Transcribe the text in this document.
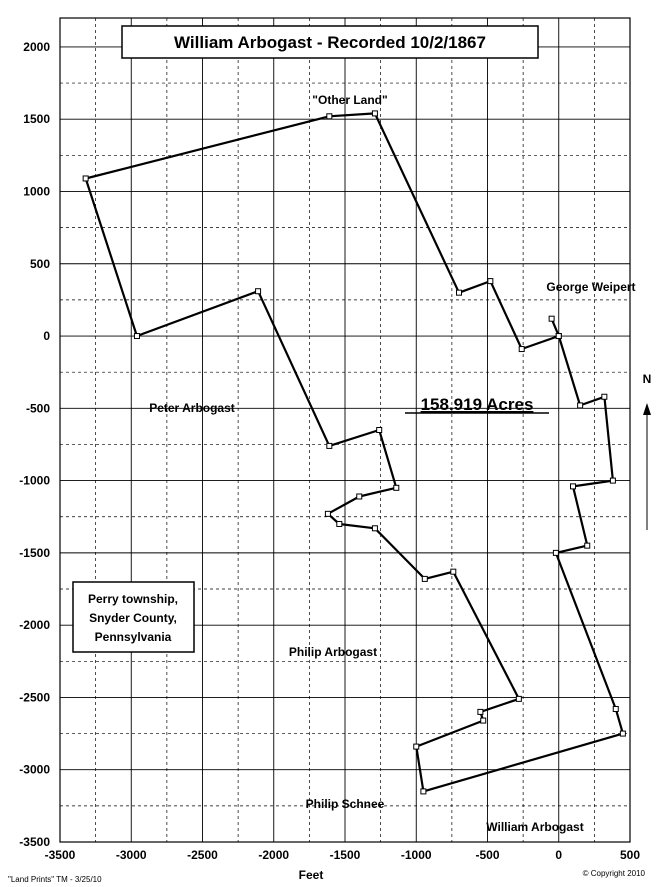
-3500	-3000	-2500	-2000	-1500	-1000	-500	0	500
2000
1500
1000
500
0
-500
-1000
-1500
-2000
-2500
-3000
-3500
William Arbogast - Recorded 10/2/1867
"Other Land"
George Weipert
Peter Arbogast	158.919 Acres
Philip Arbogast
Philip Schnee
William Arbogast
N
Perry township,
Snyder County,
Pennsylvania
Feet
"Land Prints" TM - 3/25/10
© Copyright 2010
